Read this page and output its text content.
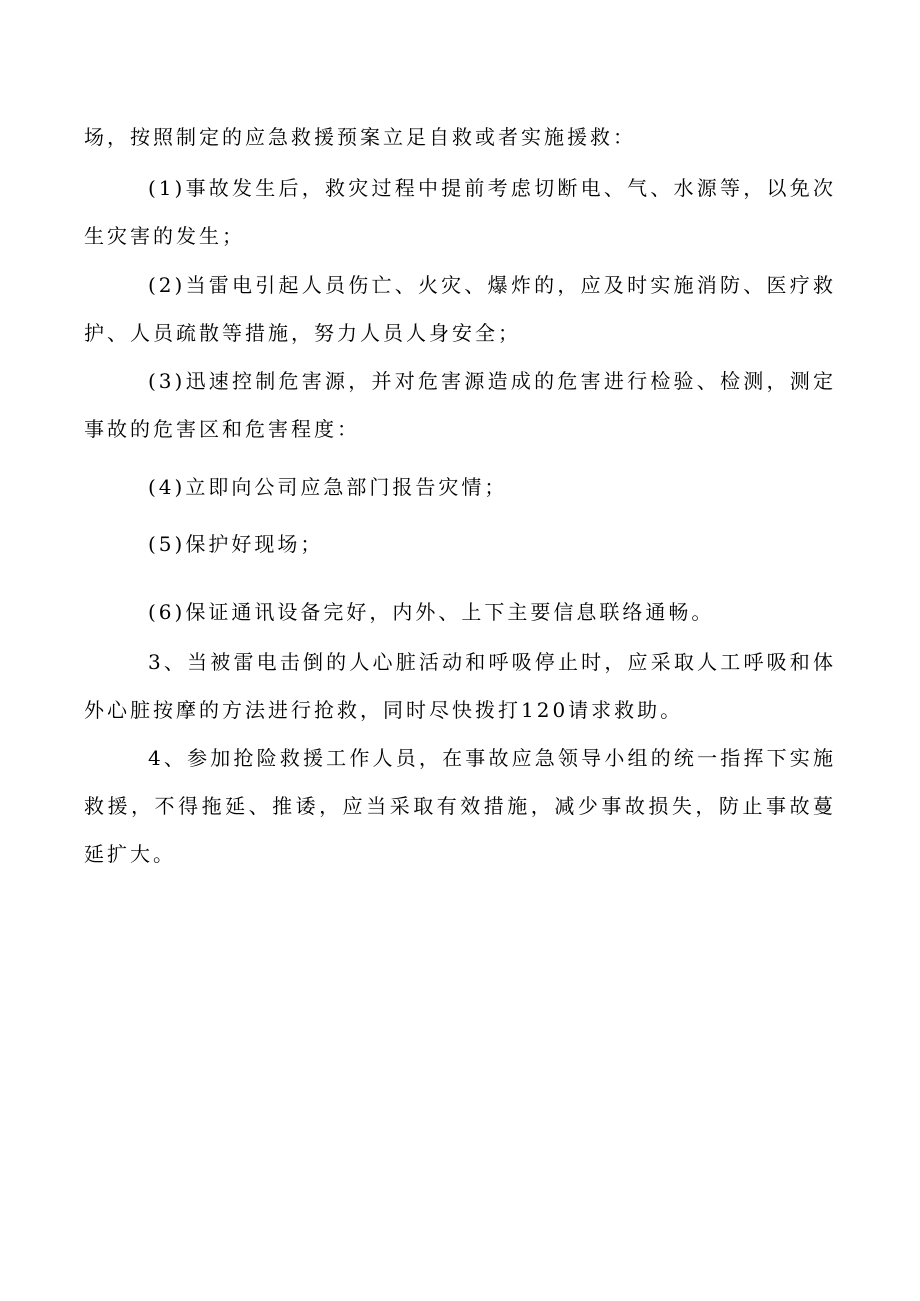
场，按照制定的应急救援预案立足自救或者实施援救：

(1)事故发生后，救灾过程中提前考虑切断电、气、水源等，以免次生灾害的发生；

(2)当雷电引起人员伤亡、火灾、爆炸的，应及时实施消防、医疗救护、人员疏散等措施，努力人员人身安全；

(3)迅速控制危害源，并对危害源造成的危害进行检验、检测，测定事故的危害区和危害程度：

(4)立即向公司应急部门报告灾情；

(5)保护好现场；

(6)保证通讯设备完好，内外、上下主要信息联络通畅。

3、当被雷电击倒的人心脏活动和呼吸停止时，应采取人工呼吸和体外心脏按摩的方法进行抢救，同时尽快拨打120请求救助。

4、参加抢险救援工作人员，在事故应急领导小组的统一指挥下实施救援，不得拖延、推诿，应当采取有效措施，减少事故损失，防止事故蔓延扩大。
